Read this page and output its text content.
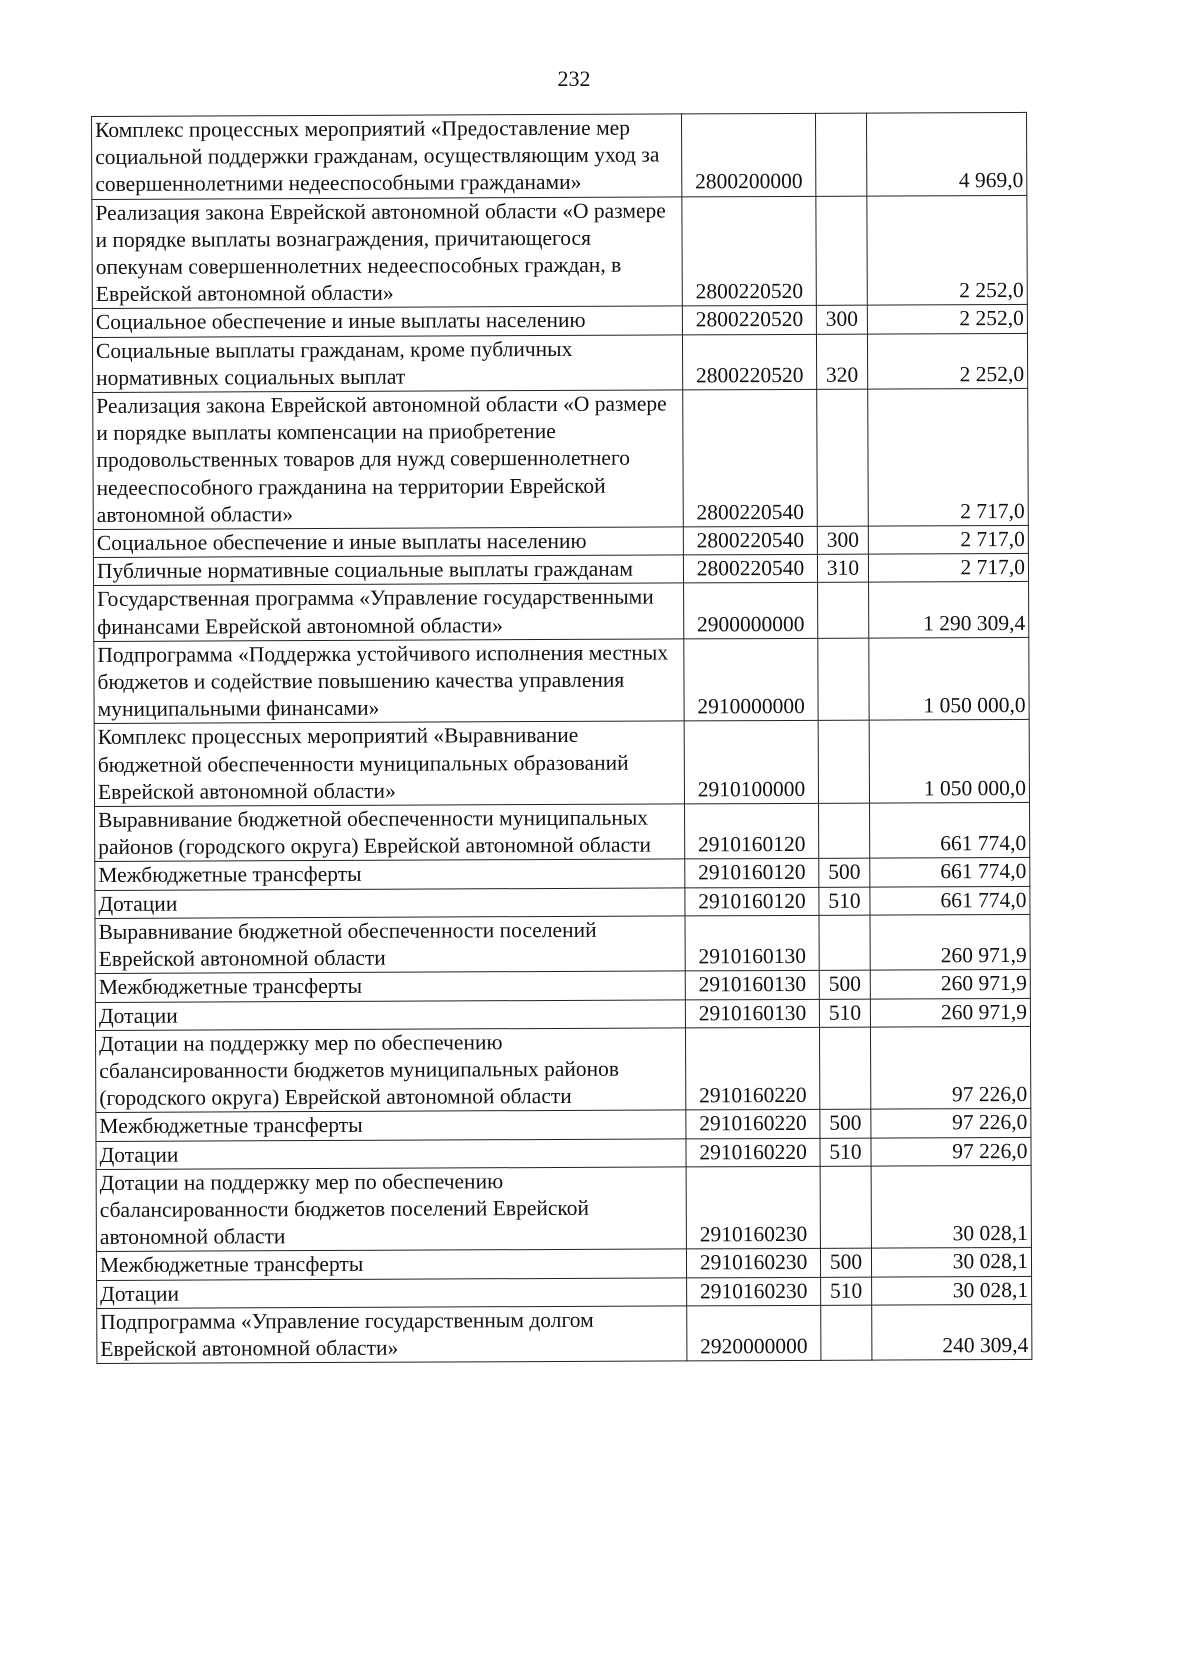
232
Комплекс процессных мероприятий «Предоставление мер социальной поддержки гражданам, осуществляющим уход за совершеннолетними недееспособными гражданами»	2800200000		4 969,0
Реализация закона Еврейской автономной области «О размере и порядке выплаты вознаграждения, причитающегося опекунам совершеннолетних недееспособных граждан, в Еврейской автономной области»	2800220520		2 252,0
Социальное обеспечение и иные выплаты населению	2800220520	300	2 252,0
Социальные выплаты гражданам, кроме публичных нормативных социальных выплат	2800220520	320	2 252,0
Реализация закона Еврейской автономной области «О размере и порядке выплаты компенсации на приобретение продовольственных товаров для нужд совершеннолетнего недееспособного гражданина на территории Еврейской автономной области»	2800220540		2 717,0
Социальное обеспечение и иные выплаты населению	2800220540	300	2 717,0
Публичные нормативные социальные выплаты гражданам	2800220540	310	2 717,0
Государственная программа «Управление государственными финансами Еврейской автономной области»	2900000000		1 290 309,4
Подпрограмма «Поддержка устойчивого исполнения местных бюджетов и содействие повышению качества управления муниципальными финансами»	2910000000		1 050 000,0
Комплекс процессных мероприятий «Выравнивание бюджетной обеспеченности муниципальных образований Еврейской автономной области»	2910100000		1 050 000,0
Выравнивание бюджетной обеспеченности муниципальных районов (городского округа) Еврейской автономной области	2910160120		661 774,0
Межбюджетные трансферты	2910160120	500	661 774,0
Дотации	2910160120	510	661 774,0
Выравнивание бюджетной обеспеченности поселений Еврейской автономной области	2910160130		260 971,9
Межбюджетные трансферты	2910160130	500	260 971,9
Дотации	2910160130	510	260 971,9
Дотации на поддержку мер по обеспечению сбалансированности бюджетов муниципальных районов (городского округа) Еврейской автономной области	2910160220		97 226,0
Межбюджетные трансферты	2910160220	500	97 226,0
Дотации	2910160220	510	97 226,0
Дотации на поддержку мер по обеспечению сбалансированности бюджетов поселений Еврейской автономной области	2910160230		30 028,1
Межбюджетные трансферты	2910160230	500	30 028,1
Дотации	2910160230	510	30 028,1
Подпрограмма «Управление государственным долгом Еврейской автономной области»	2920000000		240 309,4
